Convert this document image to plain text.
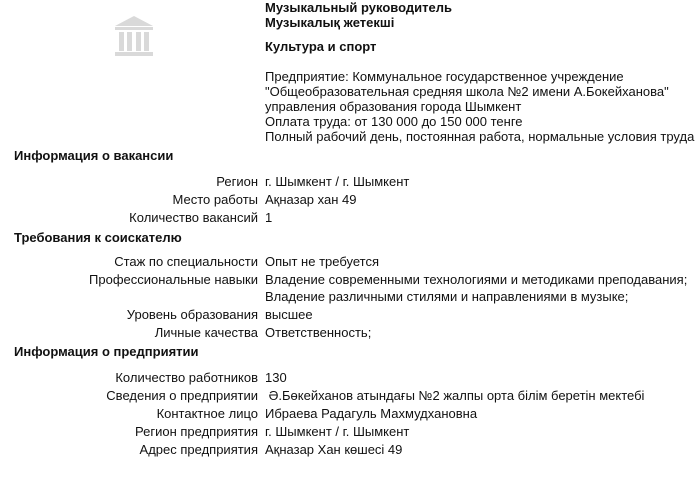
Музыкальный руководитель
Музыкалық жетекші
Культура и спорт
Предприятие: Коммунальное государственное учреждение
"Общеобразовательная средняя школа №2 имени А.Бокейханова"
управления образования города Шымкент
Оплата труда: от 130 000 до 150 000 тенге
Полный рабочий день, постоянная работа, нормальные условия труда
Информация о вакансии
Регион г. Шымкент / г. Шымкент
Место работы Ақназар хан 49
Количество вакансий 1
Требования к соискателю
Стаж по специальности Опыт не требуется
Профессиональные навыки Владение современными технологиями и методиками преподавания;
Владение различными стилями и направлениями в музыке;
Уровень образования высшее
Личные качества Ответственность;
Информация о предприятии
Количество работников 130
Сведения о предприятии Ә.Бөкейханов атындағы №2 жалпы орта білім беретін мектебі
Контактное лицо Ибраева Радагуль Махмудхановна
Регион предприятия г. Шымкент / г. Шымкент
Адрес предприятия Ақназар Хан көшесі 49
